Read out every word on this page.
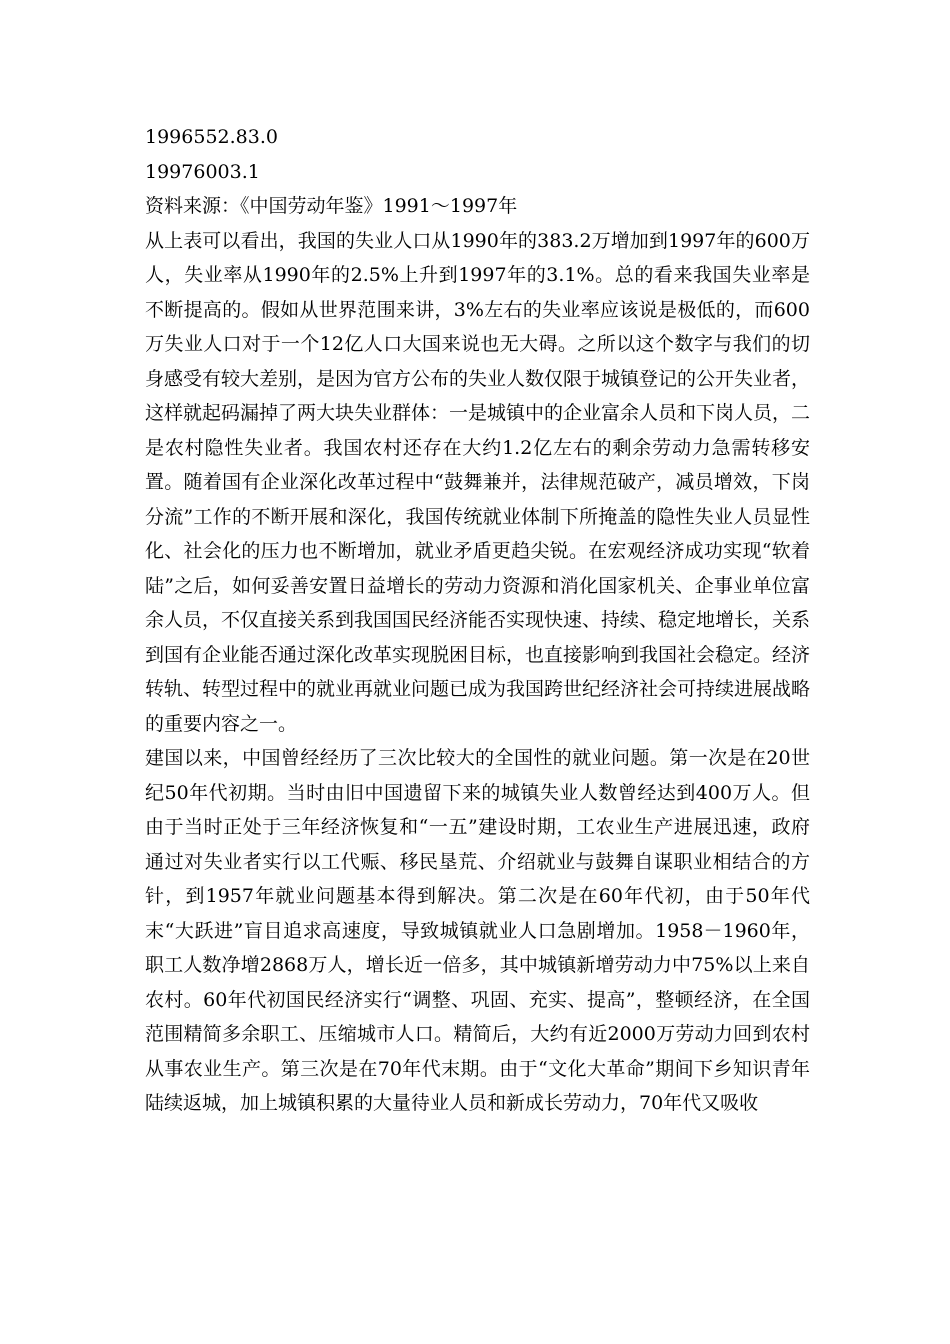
1996552.83.0
19976003.1
资料来源：《中国劳动年鉴》1991～1997年

从上表可以看出，我国的失业人口从1990年的383.2万增加到1997年的600万人，失业率从1990年的2.5%上升到1997年的3.1%。总的看来我国失业率是不断提高的。假如从世界范围来讲，3%左右的失业率应该说是极低的，而600万失业人口对于一个12亿人口大国来说也无大碍。之所以这个数字与我们的切身感受有较大差别，是因为官方公布的失业人数仅限于城镇登记的公开失业者，这样就起码漏掉了两大块失业群体：一是城镇中的企业富余人员和下岗人员，二是农村隐性失业者。我国农村还存在大约1.2亿左右的剩余劳动力急需转移安置。随着国有企业深化改革过程中“鼓舞兼并，法律规范破产，减员增效，下岗分流”工作的不断开展和深化，我国传统就业体制下所掩盖的隐性失业人员显性化、社会化的压力也不断增加，就业矛盾更趋尖锐。在宏观经济成功实现“软着陆”之后，如何妥善安置日益增长的劳动力资源和消化国家机关、企事业单位富余人员，不仅直接关系到我国国民经济能否实现快速、持续、稳定地增长，关系到国有企业能否通过深化改革实现脱困目标，也直接影响到我国社会稳定。经济转轨、转型过程中的就业再就业问题已成为我国跨世纪经济社会可持续进展战略的重要内容之一。

建国以来，中国曾经经历了三次比较大的全国性的就业问题。第一次是在20世纪50年代初期。当时由旧中国遗留下来的城镇失业人数曾经达到400万人。但由于当时正处于三年经济恢复和“一五”建设时期，工农业生产进展迅速，政府通过对失业者实行以工代赈、移民垦荒、介绍就业与鼓舞自谋职业相结合的方针，到1957年就业问题基本得到解决。第二次是在60年代初，由于50年代末“大跃进”盲目追求高速度，导致城镇就业人口急剧增加。1958－1960年，职工人数净增2868万人，增长近一倍多，其中城镇新增劳动力中75%以上来自农村。60年代初国民经济实行“调整、巩固、充实、提高”，整顿经济，在全国范围精简多余职工、压缩城市人口。精简后，大约有近2000万劳动力回到农村从事农业生产。第三次是在70年代末期。由于“文化大革命”期间下乡知识青年陆续返城，加上城镇积累的大量待业人员和新成长劳动力，70年代又吸收
